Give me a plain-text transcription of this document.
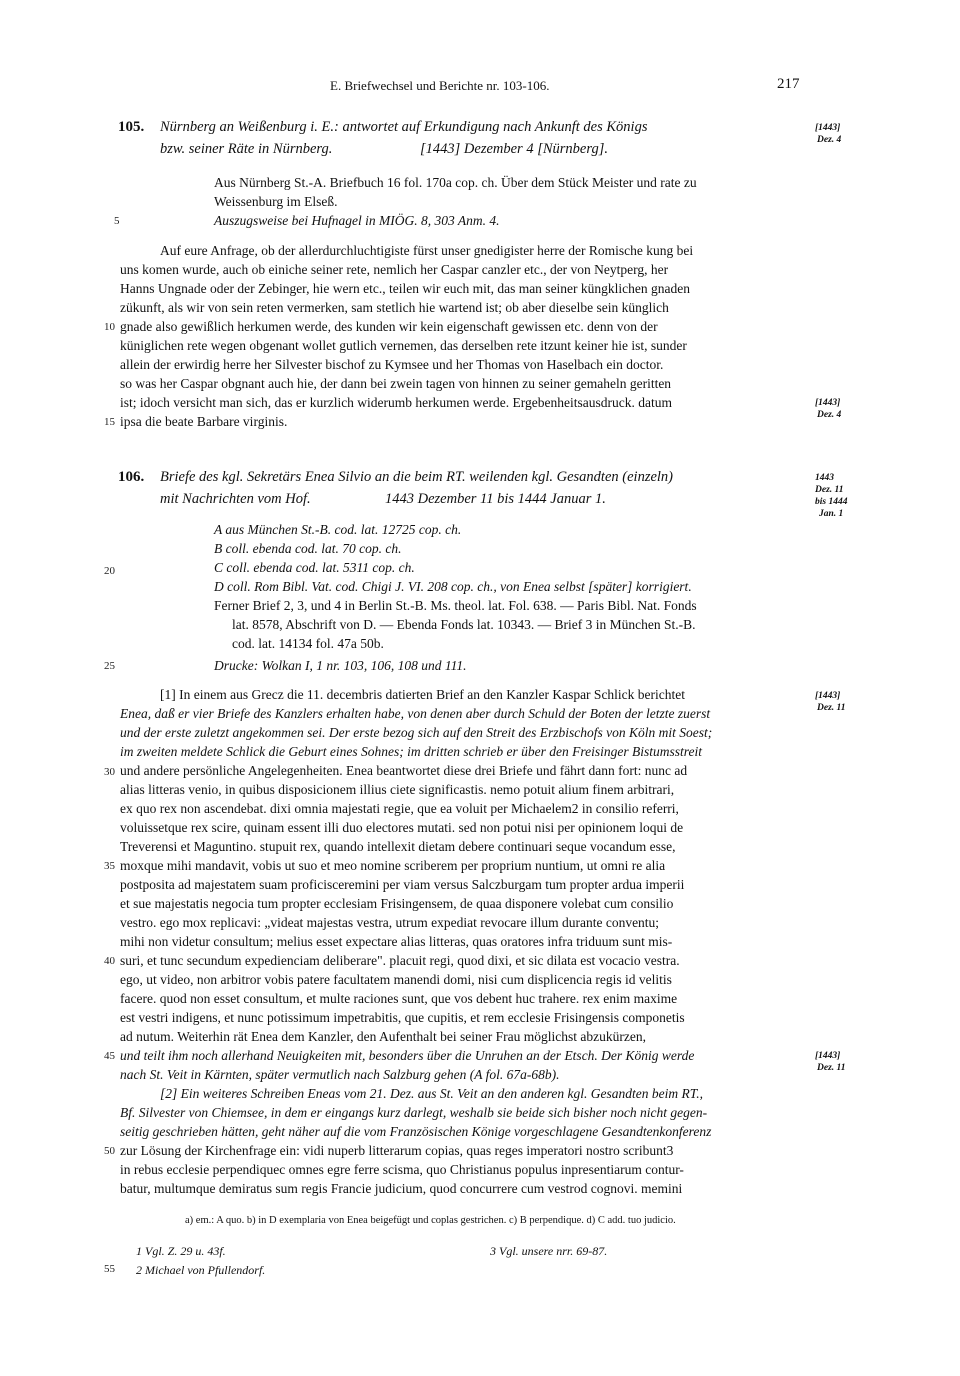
E. Briefwechsel und Berichte nr. 103-106.	217
105. Nürnberg an Weißenburg i. E.: antwortet auf Erkundigung nach Ankunft des Königs
bzw. seiner Räte in Nürnberg.	[1443] Dezember 4 [Nürnberg].
[1443]
Dez. 4
Aus Nürnberg St.-A. Briefbuch 16 fol. 170a cop. ch. Über dem Stück Meister und rate zu
Weissenburg im Elseß.
Auszugsweise bei Hufnagel in MIÖG. 8, 303 Anm. 4.
Auf eure Anfrage, ob der allerdurchluchtigiste fürst unser gnedigister herre der Romische kung bei
uns komen wurde, auch ob einiche seiner rete, nemlich her Caspar canzler etc., der von Neytperg, her
Hanns Ungnade oder der Zebinger, hie wern etc., teilen wir euch mit, das man seiner küngklichen gnaden
zükunft, als wir von sein reten vermerken, sam stetlich hie wartend ist; ob aber dieselbe sein künglich
gnade also gewißlich herkumen werde, des kunden wir kein eigenschaft gewissen etc. denn von der
küniglichen rete wegen obgenant wollet gutlich vernemen, das derselben rete itzunt keiner hie ist, sunder
allein der erwirdig herre her Silvester bischof zu Kymsee und her Thomas von Haselbach ein doctor.
so was her Caspar obgnant auch hie, der dann bei zwein tagen von hinnen zu seiner gemaheln geritten
ist; idoch versicht man sich, das er kurzlich widerumb herkumen werde. Ergebenheitsausdruck. datum
ipsa die beate Barbare virginis.
[1443]
Dez. 4
106. Briefe des kgl. Sekretärs Enea Silvio an die beim RT. weilenden kgl. Gesandten (einzeln)
mit Nachrichten vom Hof.	1443 Dezember 11 bis 1444 Januar 1.
1443
Dez. 11
bis 1444
Jan. 1
A aus München St.-B. cod. lat. 12725 cop. ch.
B coll. ebenda cod. lat. 70 cop. ch.
C coll. ebenda cod. lat. 5311 cop. ch.
D coll. Rom Bibl. Vat. cod. Chigi J. VI. 208 cop. ch., von Enea selbst [später] korrigiert.
Ferner Brief 2, 3, und 4 in Berlin St.-B. Ms. theol. lat. Fol. 638. — Paris Bibl. Nat. Fonds
lat. 8578, Abschrift von D. — Ebenda Fonds lat. 10343. — Brief 3 in München St.-B.
cod. lat. 14134 fol. 47a 50b.
Drucke: Wolkan I, 1 nr. 103, 106, 108 und 111.
[1] In einem aus Grecz die 11. decembris datierten Brief an den Kanzler Kaspar Schlick berichtet
Enea, daß er vier Briefe des Kanzlers erhalten habe, von denen aber durch Schuld der Boten der letzte zuerst
und der erste zuletzt angekommen sei. Der erste bezog sich auf den Streit des Erzbischofs von Köln mit Soest;
im zweiten meldete Schlick die Geburt eines Sohnes; im dritten schrieb er über den Freisinger Bistumsstreit
und andere persönliche Angelegenheiten. Enea beantwortet diese drei Briefe und fährt dann fort: nunc ad
alias litteras venio, in quibus disposicionem illius ciete significastis. nemo potuit alium finem arbitrari,
ex quo rex non ascendebat. dixi omnia majestati regie, que ea voluit per Michaelem2 in consilio referri,
voluissetque rex scire, quinam essent illi duo electores mutati. sed non potui nisi per opinionem loqui de
Treverensi et Maguntino. stupuit rex, quando intellexit dietam debere continuari seque vocandum esse,
moxque mihi mandavit, vobis ut suo et meo nomine scriberem per proprium nuntium, ut omni re alia
postposita ad majestatem suam proficisceremini per viam versus Salczburgam tum propter ardua imperii
et sue majestatis negocia tum propter ecclesiam Frisingensem, de quaa disponere volebat cum consilio
vestro. ego mox replicavi: „videat majestas vestra, utrum expediat revocare illum durante conventu;
mihi non videtur consultum; melius esset expectare alias litteras, quas oratores infra triduum sunt mis-
suri, et tunc secundum expedienciam deliberare". placuit regi, quod dixi, et sic dilata est vocacio vestra.
ego, ut video, non arbitror vobis patere facultatem manendi domi, nisi cum displicencia regis id velitis
facere. quod non esset consultum, et multe raciones sunt, que vos debent huc trahere. rex enim maxime
est vestri indigens, et nunc potissimum impetrabitis, que cupitis, et rem ecclesie Frisingensis componetis
ad nutum. Weiterhin rät Enea dem Kanzler, den Aufenthalt bei seiner Frau möglichst abzukürzen,
und teilt ihm noch allerhand Neuigkeiten mit, besonders über die Unruhen an der Etsch. Der König werde
nach St. Veit in Kärnten, später vermutlich nach Salzburg gehen (A fol. 67a-68b).
[2] Ein weiteres Schreiben Eneas vom 21. Dez. aus St. Veit an den anderen kgl. Gesandten beim RT.,
Bf. Silvester von Chiemsee, in dem er eingangs kurz darlegt, weshalb sie beide sich bisher noch nicht gegen-
seitig geschrieben hätten, geht näher auf die vom Französischen Könige vorgeschlagene Gesandtenkonferenz
zur Lösung der Kirchenfrage ein: vidi nuperb litterarum copias, quas reges imperatori nostro scribunt3
in rebus ecclesie perpendiquec omnes egre ferre scisma, quo Christianus populus inpresentiarum contur-
batur, multumque demiratus sum regis Francie judicium, quod concurrere cum vestrod cognovi. memini
[1443]
Dez. 11
[1443]
Dez. 11
a) em.: A quo. b) in D exemplaria von Enea beigefügt und coplas gestrichen. c) B perpendique. d) C add. tuo judicio.
1 Vgl. Z. 29 u. 43f.
2 Michael von Pfullendorf.
3 Vgl. unsere nrr. 69-87.
5
10
15
20
25
30
35
40
45
50
55
